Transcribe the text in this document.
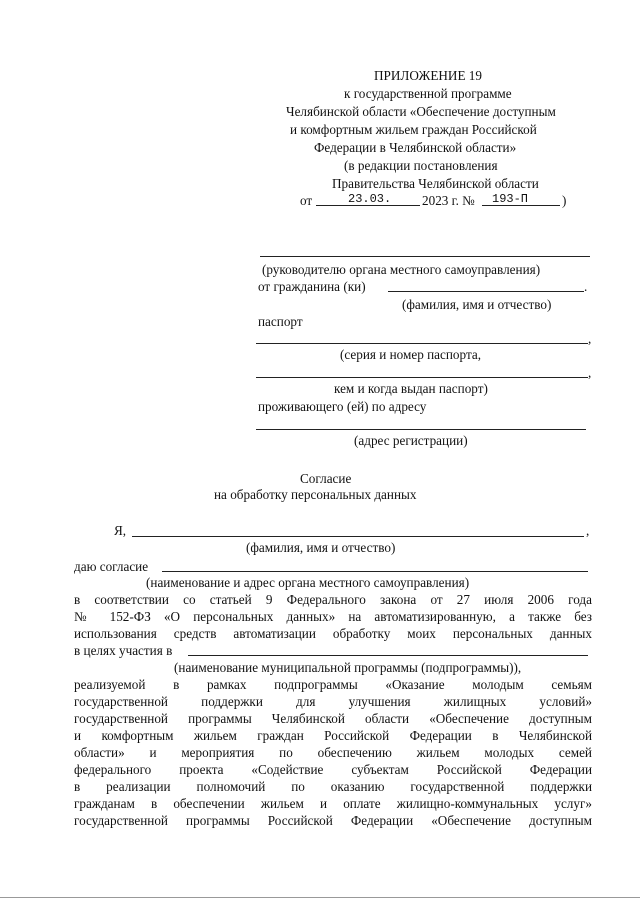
ПРИЛОЖЕНИЕ 19
к государственной программе
Челябинской области «Обеспечение доступным
и комфортным жильем граждан Российской
Федерации в Челябинской области»
(в редакции постановления
Правительства Челябинской области
от	23.03. 2023 г. № 193-П	)
(руководителю органа местного самоуправления)
от гражданина (ки)	.
(фамилия, имя и отчество)
паспорт
,
(серия и номер паспорта,
,
кем и когда выдан паспорт)
проживающего (ей) по адресу
(адрес регистрации)
Согласие
на обработку персональных данных
Я,	,
(фамилия, имя и отчество)
даю согласие
(наименование и адрес органа местного самоуправления)
в соответствии со статьей 9 Федерального закона от 27 июля 2006 года
№ 152-ФЗ «О персональных данных» на автоматизированную, а также без
использования средств автоматизации обработку моих персональных данных
в целях участия в
(наименование муниципальной программы (подпрограммы)),
реализуемой в рамках подпрограммы «Оказание молодым семьям
государственной поддержки для улучшения жилищных условий»
государственной программы Челябинской области «Обеспечение доступным
и комфортным жильем граждан Российской Федерации в Челябинской
области» и мероприятия по обеспечению жильем молодых семей
федерального проекта «Содействие субъектам Российской Федерации
в реализации полномочий по оказанию государственной поддержки
гражданам в обеспечении жильем и оплате жилищно-коммунальных услуг»
государственной программы Российской Федерации «Обеспечение доступным
